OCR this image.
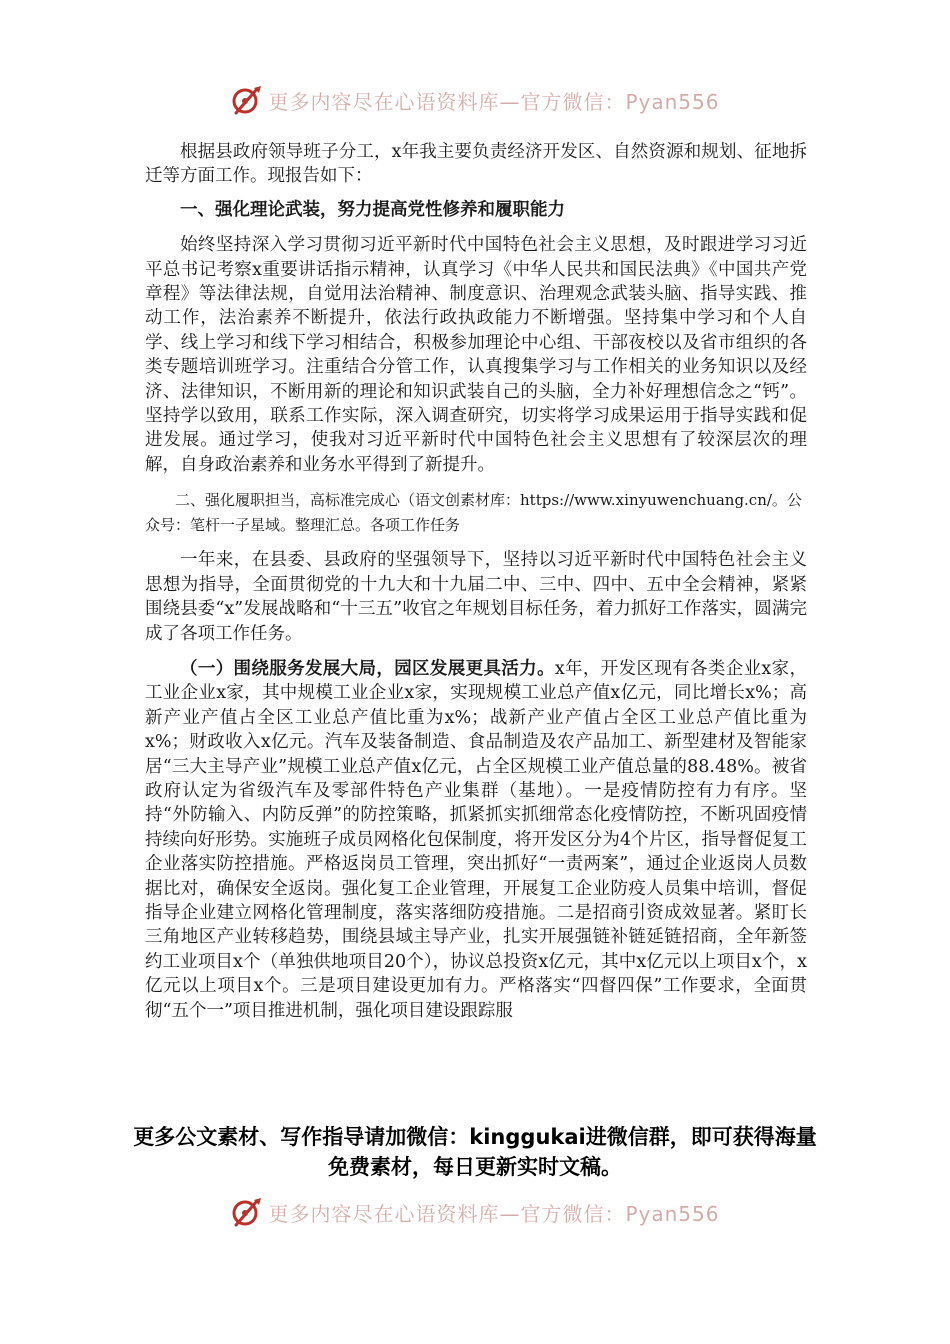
更多内容尽在心语资料库—官方微信：Pyan556

根据县政府领导班子分工，x年我主要负责经济开发区、自然资源和规划、征地拆迁等方面工作。现报告如下：

一、强化理论武装，努力提高党性修养和履职能力

始终坚持深入学习贯彻习近平新时代中国特色社会主义思想，及时跟进学习习近平总书记考察x重要讲话指示精神，认真学习《中华人民共和国民法典》《中国共产党章程》等法律法规，自觉用法治精神、制度意识、治理观念武装头脑、指导实践、推动工作，法治素养不断提升，依法行政执政能力不断增强。坚持集中学习和个人自学、线上学习和线下学习相结合，积极参加理论中心组、干部夜校以及省市组织的各类专题培训班学习。注重结合分管工作，认真搜集学习与工作相关的业务知识以及经济、法律知识，不断用新的理论和知识武装自己的头脑，全力补好理想信念之“钙”。坚持学以致用，联系工作实际，深入调查研究，切实将学习成果运用于指导实践和促进发展。通过学习，使我对习近平新时代中国特色社会主义思想有了较深层次的理解，自身政治素养和业务水平得到了新提升。

二、强化履职担当，高标准完成心（语文创素材库：https://www.xinyuwenchuang.cn/。公众号：笔杆一子星域。整理汇总。各项工作任务

一年来，在县委、县政府的坚强领导下，坚持以习近平新时代中国特色社会主义思想为指导，全面贯彻党的十九大和十九届二中、三中、四中、五中全会精神，紧紧围绕县委“x”发展战略和“十三五”收官之年规划目标任务，着力抓好工作落实，圆满完成了各项工作任务。

（一）围绕服务发展大局，园区发展更具活力。x年，开发区现有各类企业x家，工业企业x家，其中规模工业企业x家，实现规模工业总产值x亿元，同比增长x%；高新产业产值占全区工业总产值比重为x%；战新产业产值占全区工业总产值比重为x%；财政收入x亿元。汽车及装备制造、食品制造及农产品加工、新型建材及智能家居“三大主导产业”规模工业总产值x亿元，占全区规模工业产值总量的88.48%。被省政府认定为省级汽车及零部件特色产业集群（基地）。一是疫情防控有力有序。坚持“外防输入、内防反弹”的防控策略，抓紧抓实抓细常态化疫情防控，不断巩固疫情持续向好形势。实施班子成员网格化包保制度，将开发区分为4个片区，指导督促复工企业落实防控措施。严格返岗员工管理，突出抓好“一责两案”，通过企业返岗人员数据比对，确保安全返岗。强化复工企业管理，开展复工企业防疫人员集中培训，督促指导企业建立网格化管理制度，落实落细防疫措施。二是招商引资成效显著。紧盯长三角地区产业转移趋势，围绕县域主导产业，扎实开展强链补链延链招商，全年新签约工业项目x个（单独供地项目20个），协议总投资x亿元，其中x亿元以上项目x个，x亿元以上项目x个。三是项目建设更加有力。严格落实“四督四保”工作要求，全面贯彻“五个一”项目推进机制，强化项目建设跟踪服

更多公文素材、写作指导请加微信：kinggukai进微信群，即可获得海量免费素材，每日更新实时文稿。
更多内容尽在心语资料库—官方微信：Pyan556
